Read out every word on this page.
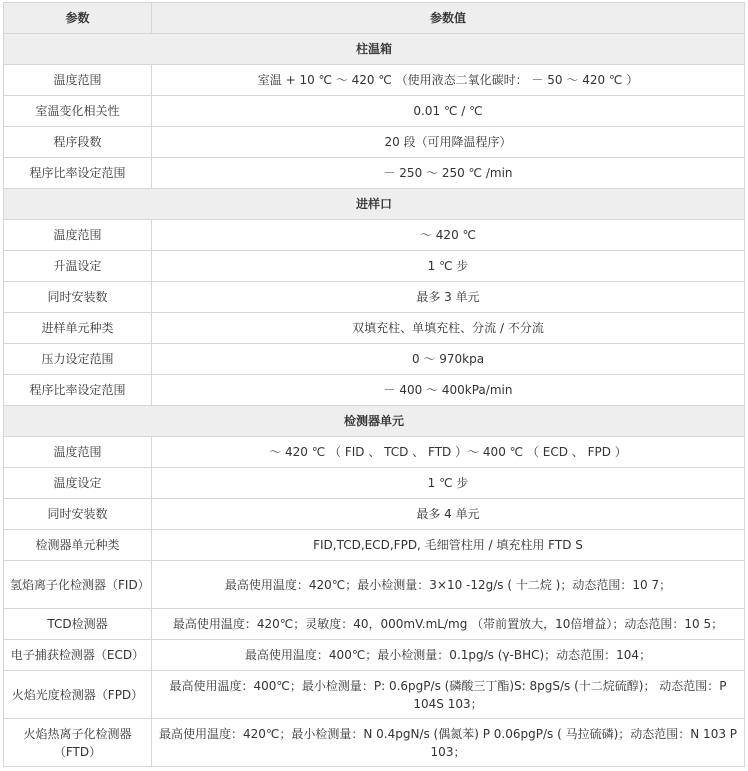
参数	参数值
柱温箱	
温度范围	室温 + 10 ℃ ～ 420 ℃ （使用液态二氧化碳时： － 50 ～ 420 ℃ ）
室温变化相关性	0.01 ℃ / ℃
程序段数	20 段（可用降温程序）
程序比率设定范围	－ 250 ～ 250 ℃ /min
进样口	
温度范围	～ 420 ℃
升温设定	1 ℃ 步
同时安装数	最多 3 单元
进样单元种类	双填充柱、单填充柱、分流 / 不分流
压力设定范围	0 ～ 970kpa
程序比率设定范围	－ 400 ～ 400kPa/min
检测器单元	
温度范围	～ 420 ℃ （ FID 、 TCD 、 FTD ）～ 400 ℃ （ ECD 、 FPD ）
温度设定	1 ℃ 步
同时安装数	最多 4 单元
检测器单元种类	FID,TCD,ECD,FPD, 毛细管柱用 / 填充柱用 FTD S
氢焰离子化检测器（FID）	最高使用温度：420℃；最小检测量：3×10 -12g/s ( 十二烷 )；动态范围：10 7；
TCD检测器	最高使用温度：420℃；灵敏度：40，000mV.mL/mg （带前置放大，10倍增益）；动态范围：10 5；
电子捕获检测器（ECD）	最高使用温度：400℃；最小检测量：0.1pg/s (γ-BHC)；动态范围：104；
火焰光度检测器（FPD）	最高使用温度：400℃；最小检测量：P: 0.6pgP/s (磷酸三丁酯)S: 8pgS/s (十二烷硫醇)； 动态范围：P 104S 103；
火焰热离子化检测器（FTD）	最高使用温度：420℃；最小检测量：N 0.4pgN/s (偶氮苯) P 0.06pgP/s ( 马拉硫磷)；动态范围：N 103 P 103；
